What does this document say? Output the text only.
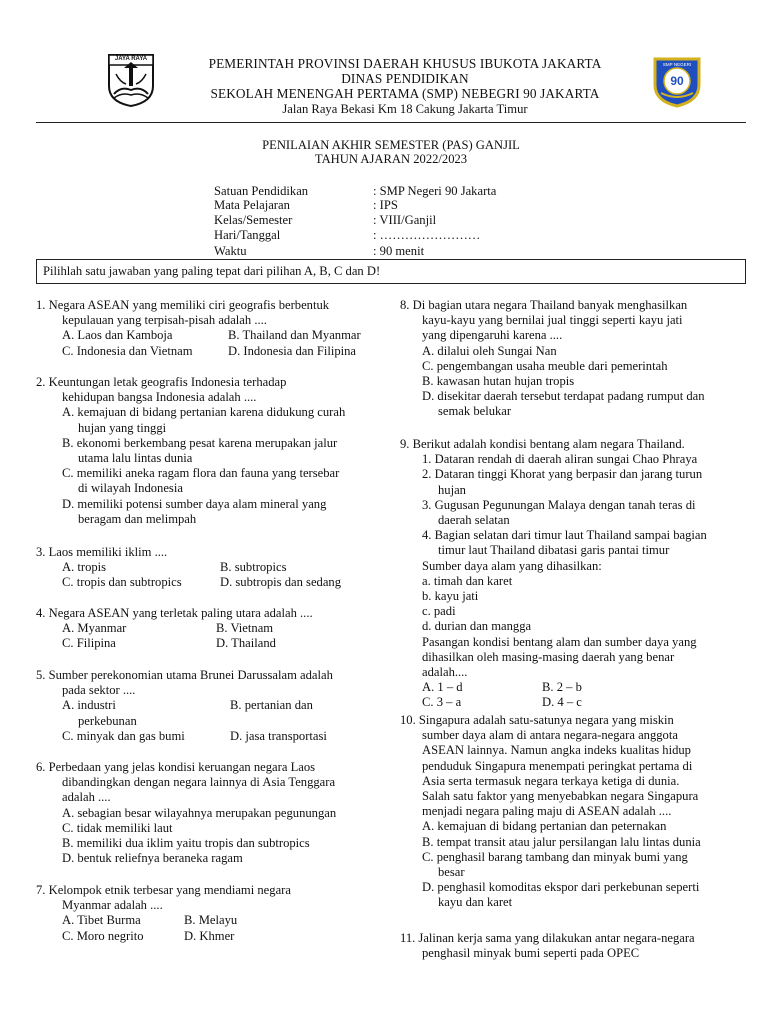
JAYA RAYA
SMP NEGERI
90
PEMERINTAH PROVINSI DAERAH KHUSUS IBUKOTA JAKARTA
DINAS PENDIDIKAN
SEKOLAH MENENGAH PERTAMA (SMP) NEBEGRI 90 JAKARTA
Jalan Raya Bekasi Km 18 Cakung Jakarta Timur
PENILAIAN AKHIR SEMESTER (PAS) GANJIL
TAHUN AJARAN 2022/2023
Satuan Pendidikan	: SMP Negeri 90 Jakarta
Mata Pelajaran	: IPS
Kelas/Semester	: VIII/Ganjil
Hari/Tanggal	: ……………………
Waktu	: 90 menit
Pilihlah satu jawaban yang paling tepat dari pilihan A, B, C dan D!
1. Negara ASEAN yang memiliki ciri geografis berbentuk
kepulauan yang terpisah-pisah adalah ....
A. Laos dan Kamboja	B. Thailand dan Myanmar
C. Indonesia dan Vietnam	D. Indonesia dan Filipina
2. Keuntungan letak geografis Indonesia terhadap
kehidupan bangsa Indonesia adalah ....
A. kemajuan di bidang pertanian karena didukung curah
hujan yang tinggi
B. ekonomi berkembang pesat karena merupakan jalur
utama lalu lintas dunia
C. memiliki aneka ragam flora dan fauna yang tersebar
di wilayah Indonesia
D. memiliki potensi sumber daya alam mineral yang
beragam dan melimpah
3. Laos memiliki iklim ....
A. tropis	B. subtropics
C. tropis dan subtropics	D. subtropis dan sedang
4. Negara ASEAN yang terletak paling utara adalah ....
A. Myanmar	B. Vietnam
C. Filipina	D. Thailand
5. Sumber perekonomian utama Brunei Darussalam adalah
pada sektor ....
A. industri	B. pertanian dan
perkebunan
C. minyak dan gas bumi	D. jasa transportasi
6. Perbedaan yang jelas kondisi keruangan negara Laos
dibandingkan dengan negara lainnya di Asia Tenggara
adalah ....
A. sebagian besar wilayahnya merupakan pegunungan
C. tidak memiliki laut
B. memiliki dua iklim yaitu tropis dan subtropics
D. bentuk reliefnya beraneka ragam
7. Kelompok etnik terbesar yang mendiami negara
Myanmar adalah ....
A. Tibet Burma	B. Melayu
C. Moro negrito	D. Khmer
8. Di bagian utara negara Thailand banyak menghasilkan
kayu-kayu yang bernilai jual tinggi seperti kayu jati
yang dipengaruhi karena ....
A. dilalui oleh Sungai Nan
C. pengembangan usaha meuble dari pemerintah
B. kawasan hutan hujan tropis
D. disekitar daerah tersebut terdapat padang rumput dan
semak belukar
9. Berikut adalah kondisi bentang alam negara Thailand.
1. Dataran rendah di daerah aliran sungai Chao Phraya
2. Dataran tinggi Khorat yang berpasir dan jarang turun
hujan
3. Gugusan Pegunungan Malaya dengan tanah teras di
daerah selatan
4. Bagian selatan dari timur laut Thailand sampai bagian
timur laut Thailand dibatasi garis pantai timur
Sumber daya alam yang dihasilkan:
a. timah dan karet
b. kayu jati
c. padi
d. durian dan mangga
Pasangan kondisi bentang alam dan sumber daya yang
dihasilkan oleh masing-masing daerah yang benar
adalah....
A. 1 – d	B. 2 – b
C. 3 – a	D. 4 – c
10. Singapura adalah satu-satunya negara yang miskin
sumber daya alam di antara negara-negara anggota
ASEAN lainnya. Namun angka indeks kualitas hidup
penduduk Singapura menempati peringkat pertama di
Asia serta termasuk negara terkaya ketiga di dunia.
Salah satu faktor yang menyebabkan negara Singapura
menjadi negara paling maju di ASEAN adalah ....
A. kemajuan di bidang pertanian dan peternakan
B. tempat transit atau jalur persilangan lalu lintas dunia
C. penghasil barang tambang dan minyak bumi yang
besar
D. penghasil komoditas ekspor dari perkebunan seperti
kayu dan karet
11. Jalinan kerja sama yang dilakukan antar negara-negara
penghasil minyak bumi seperti pada OPEC
